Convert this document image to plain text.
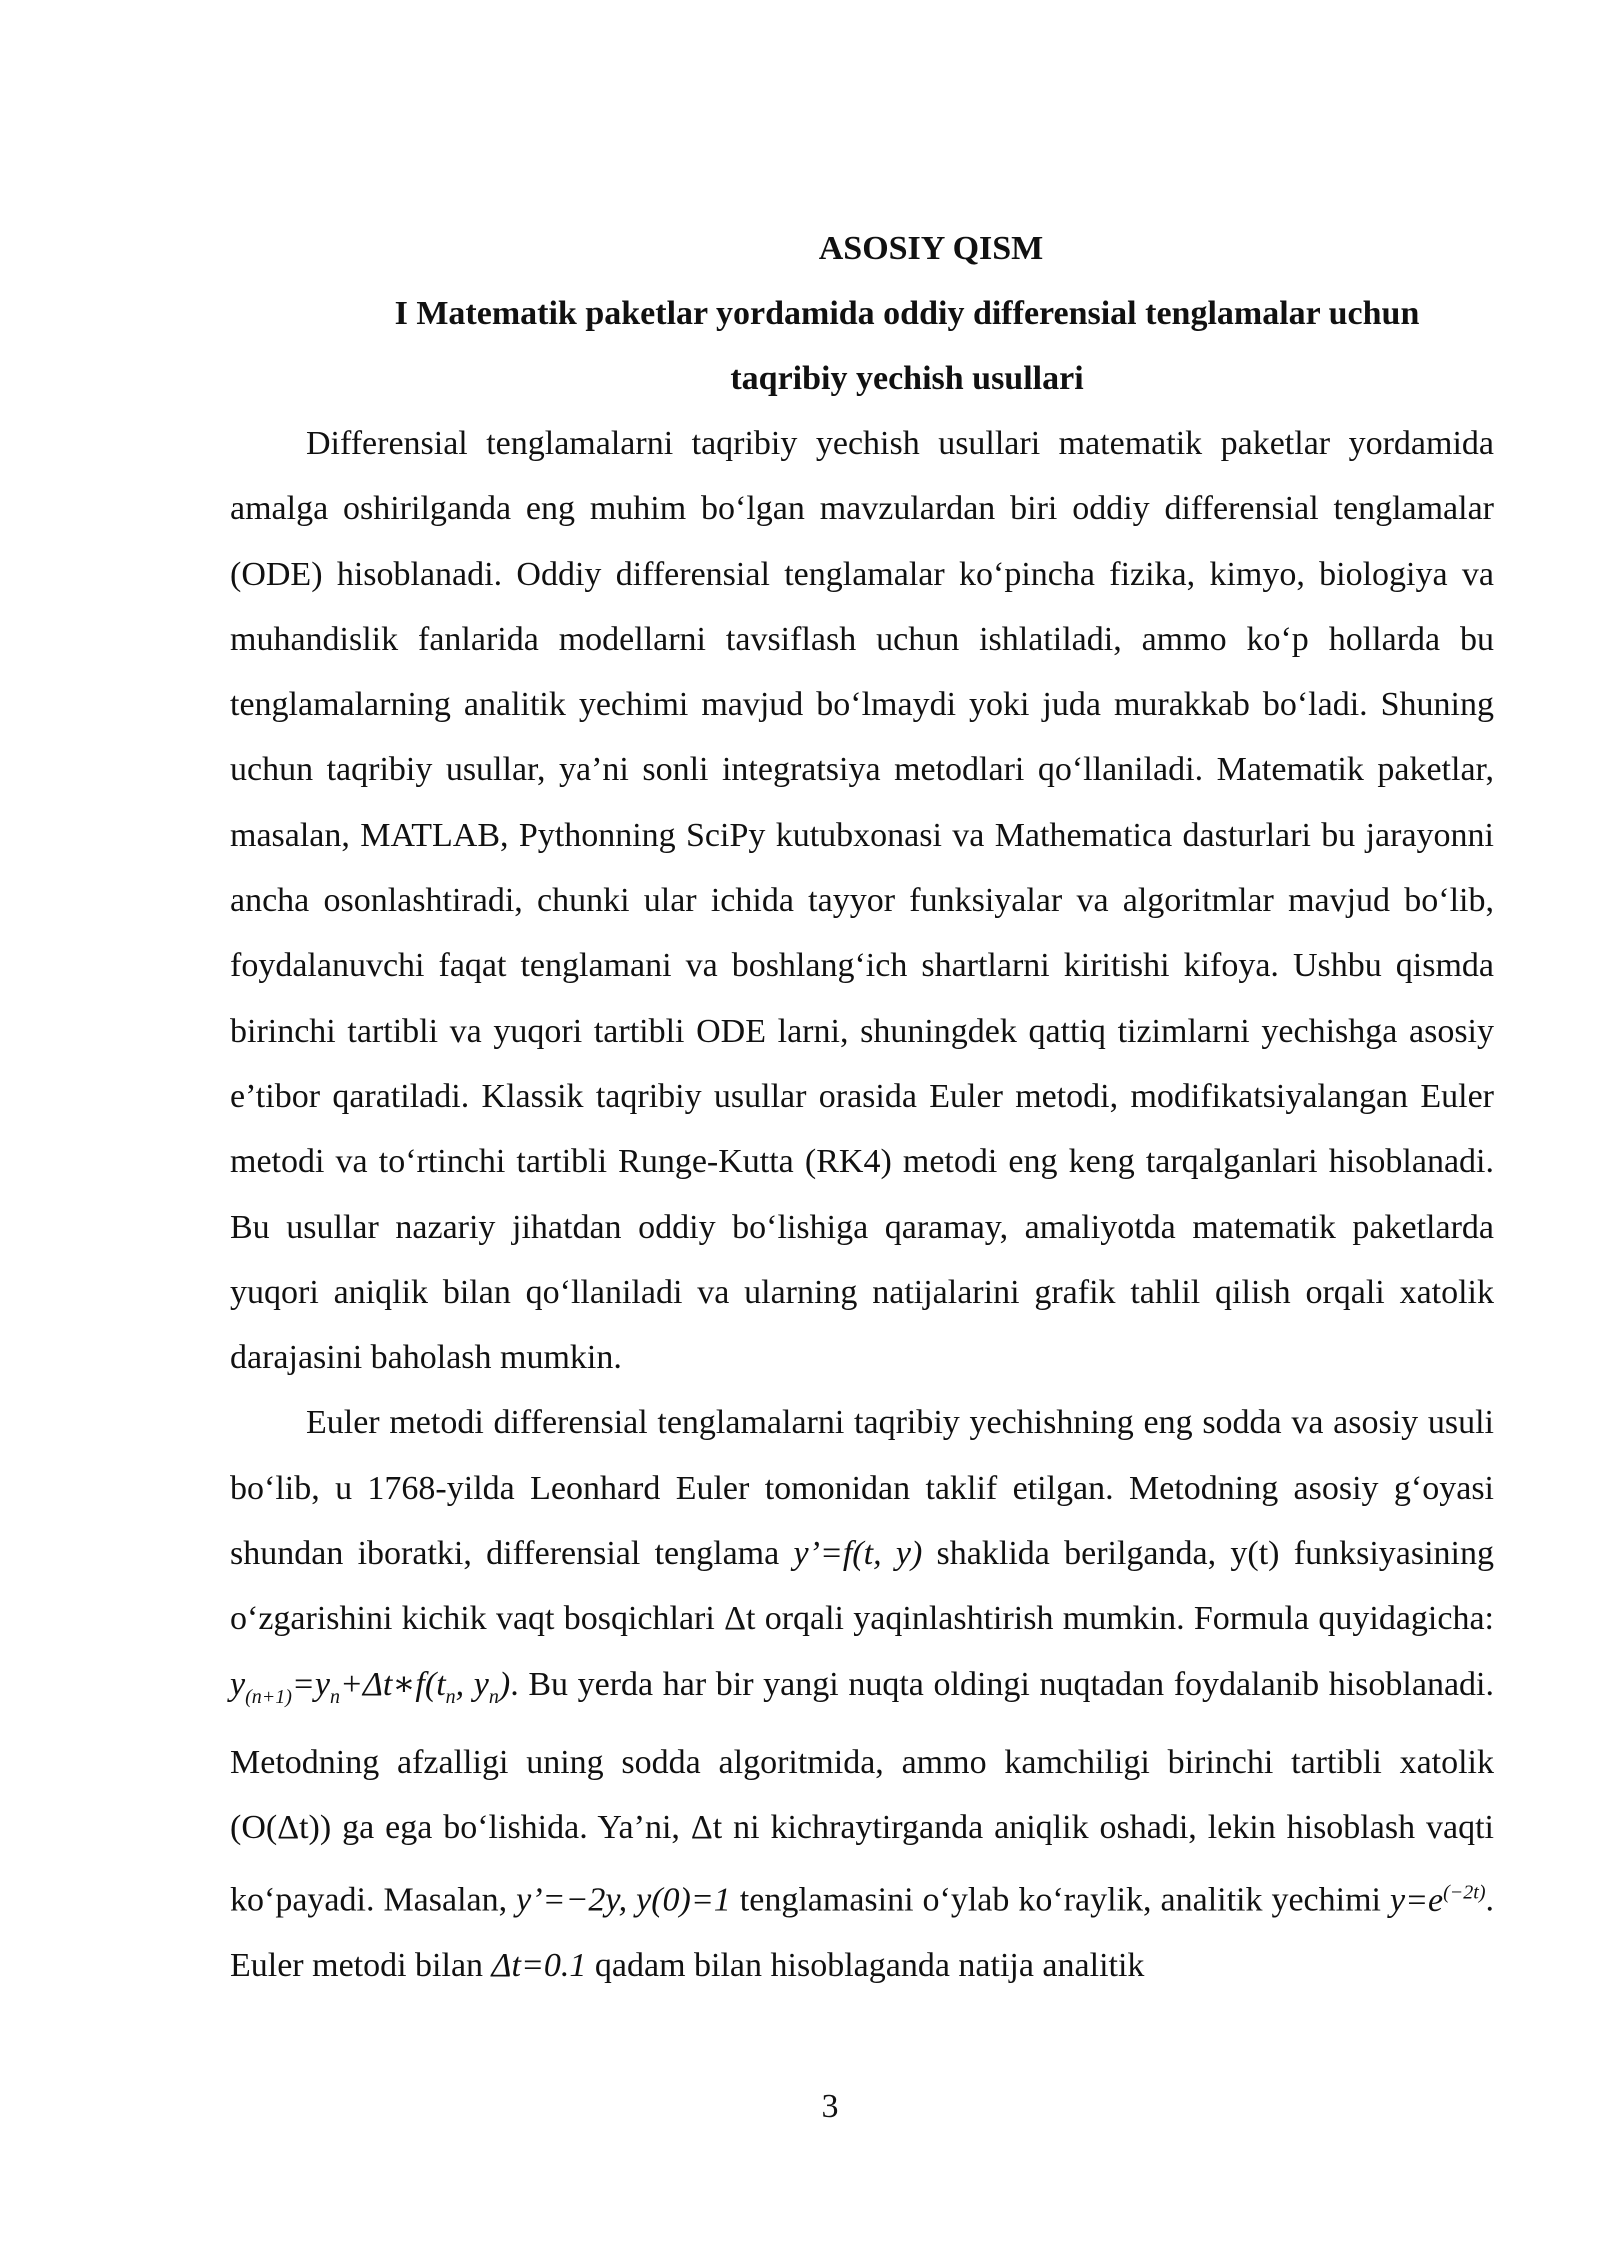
ASOSIY QISM

I Matematik paketlar yordamida oddiy differensial tenglamalar uchun

taqribiy yechish usullari

Differensial tenglamalarni taqribiy yechish usullari matematik paketlar yordamida amalga oshirilganda eng muhim bo‘lgan mavzulardan biri oddiy differensial tenglamalar (ODE) hisoblanadi. Oddiy differensial tenglamalar ko‘pincha fizika, kimyo, biologiya va muhandislik fanlarida modellarni tavsiflash uchun ishlatiladi, ammo ko‘p hollarda bu tenglamalarning analitik yechimi mavjud bo‘lmaydi yoki juda murakkab bo‘ladi. Shuning uchun taqribiy usullar, ya’ni sonli integratsiya metodlari qo‘llaniladi. Matematik paketlar, masalan, MATLAB, Pythonning SciPy kutubxonasi va Mathematica dasturlari bu jarayonni ancha osonlashtiradi, chunki ular ichida tayyor funksiyalar va algoritmlar mavjud bo‘lib, foydalanuvchi faqat tenglamani va boshlang‘ich shartlarni kiritishi kifoya. Ushbu qismda birinchi tartibli va yuqori tartibli ODE larni, shuningdek qattiq tizimlarni yechishga asosiy e’tibor qaratiladi. Klassik taqribiy usullar orasida Euler metodi, modifikatsiyalangan Euler metodi va to‘rtinchi tartibli Runge-Kutta (RK4) metodi eng keng tarqalganlari hisoblanadi. Bu usullar nazariy jihatdan oddiy bo‘lishiga qaramay, amaliyotda matematik paketlarda yuqori aniqlik bilan qo‘llaniladi va ularning natijalarini grafik tahlil qilish orqali xatolik darajasini baholash mumkin.

Euler metodi differensial tenglamalarni taqribiy yechishning eng sodda va asosiy usuli bo‘lib, u 1768-yilda Leonhard Euler tomonidan taklif etilgan. Metodning asosiy g‘oyasi shundan iboratki, differensial tenglama y’=f(t, y) shaklida berilganda, y(t) funksiyasining o‘zgarishini kichik vaqt bosqichlari Δt orqali yaqinlashtirish mumkin. Formula quyidagicha: $y_{(n+1)}=y_n+\Delta t∗f(t_n$, $y_n$). Bu yerda har bir yangi nuqta oldingi nuqtadan foydalanib hisoblanadi. Metodning afzalligi uning sodda algoritmida, ammo kamchiligi birinchi tartibli xatolik (O(Δt)) ga ega bo‘lishida. Ya’ni, Δt ni kichraytirganda aniqlik oshadi, lekin hisoblash vaqti ko‘payadi. Masalan, y’=−2y, y(0)=1 tenglamasini o‘ylab ko‘raylik, analitik yechimi $y=e^{(-2t)}$. Euler metodi bilan Δt=0.1 qadam bilan hisoblaganda natija analitik

3
